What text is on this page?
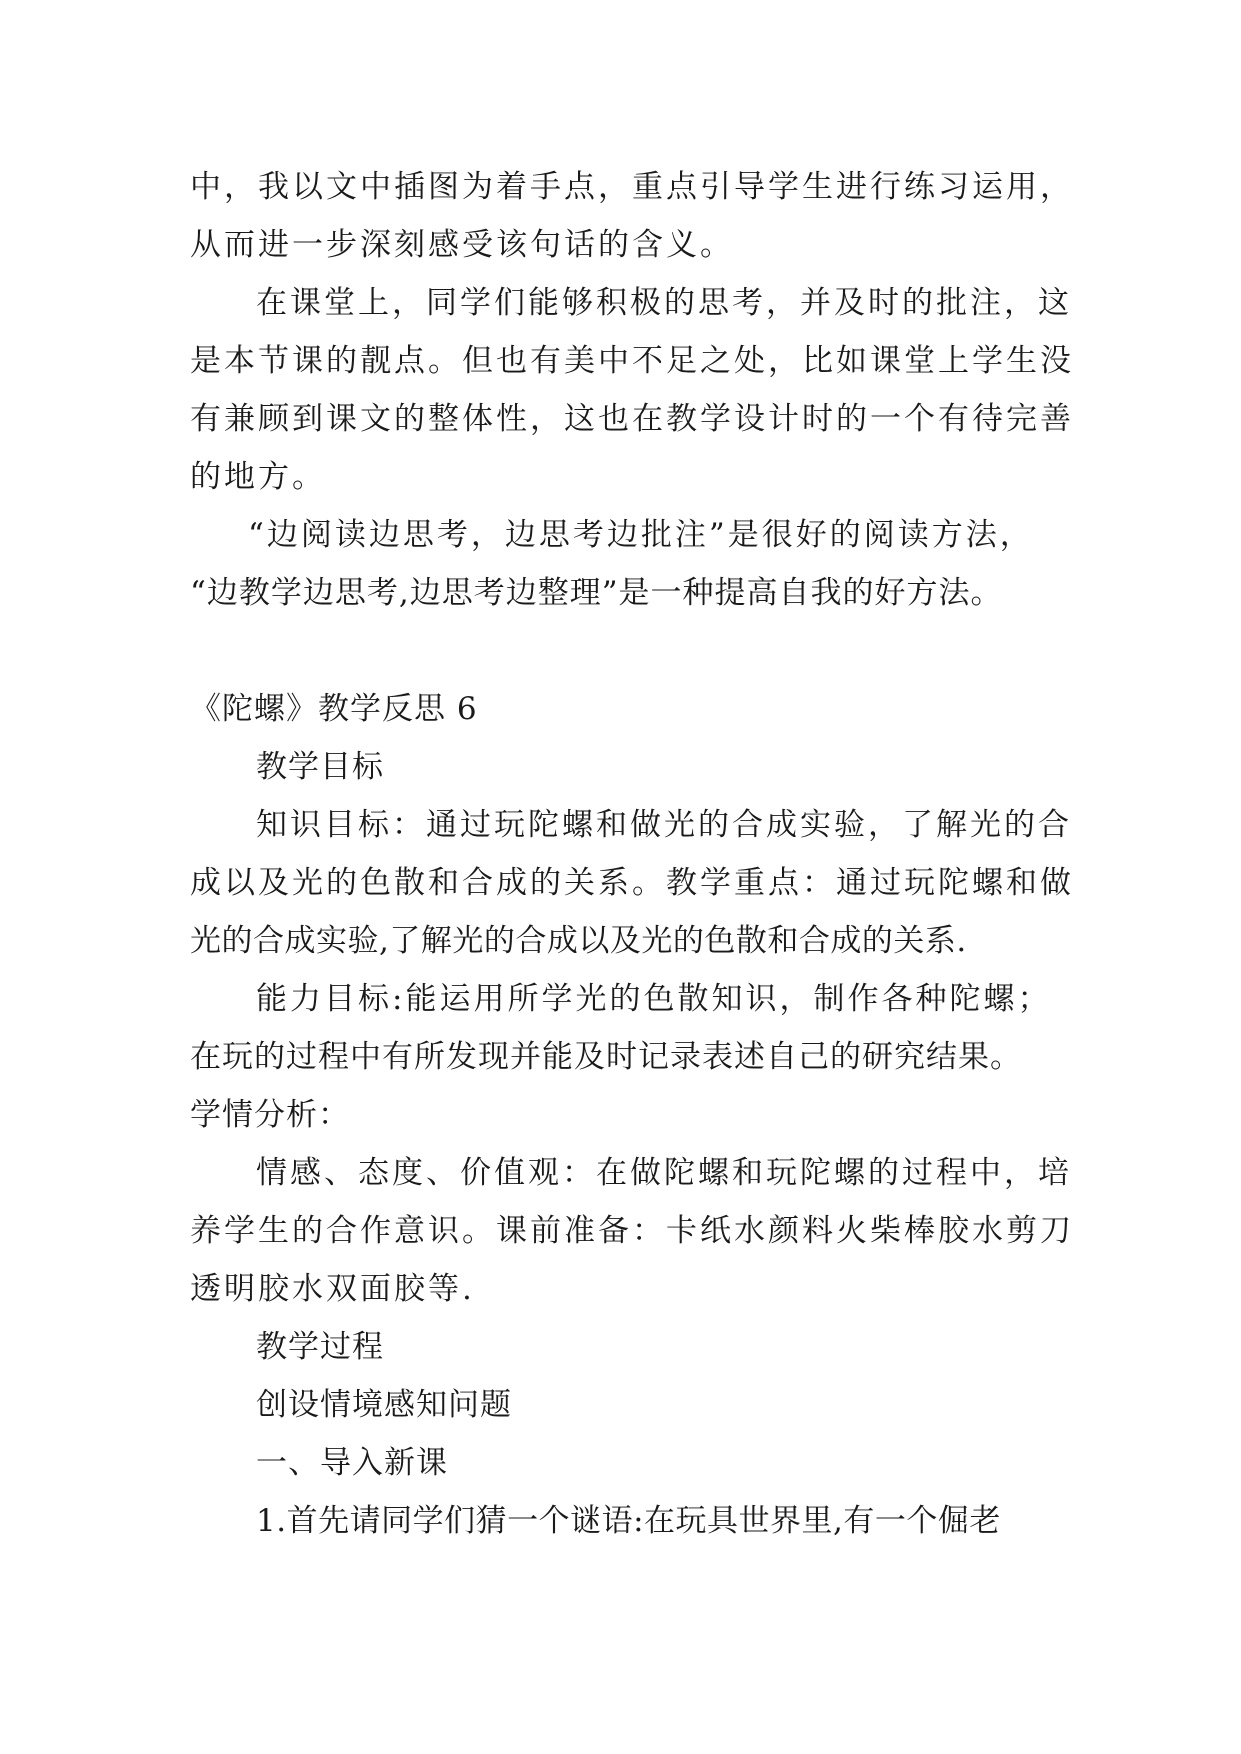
中，我以文中插图为着手点，重点引导学生进行练习运用，
从而进一步深刻感受该句话的含义。
在课堂上，同学们能够积极的思考，并及时的批注，这
是本节课的靓点。但也有美中不足之处，比如课堂上学生没
有兼顾到课文的整体性，这也在教学设计时的一个有待完善
的地方。
“边阅读边思考，边思考边批注”是很好的阅读方法，
“边教学边思考,边思考边整理”是一种提高自我的好方法。
《陀螺》教学反思 6
教学目标
知识目标：通过玩陀螺和做光的合成实验，了解光的合
成以及光的色散和合成的关系。教学重点：通过玩陀螺和做
光的合成实验,了解光的合成以及光的色散和合成的关系.
能力目标:能运用所学光的色散知识，制作各种陀螺；
在玩的过程中有所发现并能及时记录表述自己的研究结果。
学情分析：
情感、态度、价值观：在做陀螺和玩陀螺的过程中，培
养学生的合作意识。课前准备：卡纸水颜料火柴棒胶水剪刀
透明胶水双面胶等.
教学过程
创设情境感知问题
一、导入新课
1.首先请同学们猜一个谜语:在玩具世界里,有一个倔老
